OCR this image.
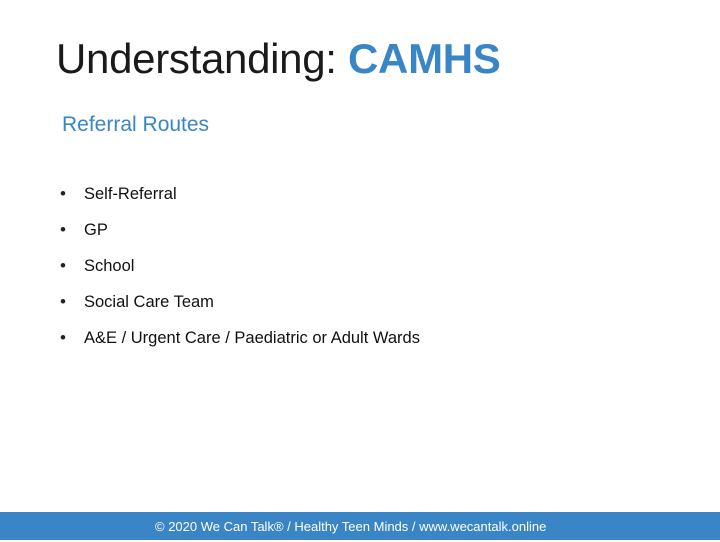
Understanding: CAMHS
Referral Routes
• Self-Referral
• GP
• School
• Social Care Team
• A&E / Urgent Care / Paediatric or Adult Wards
© 2020 We Can Talk® / Healthy Teen Minds / www.wecantalk.online
